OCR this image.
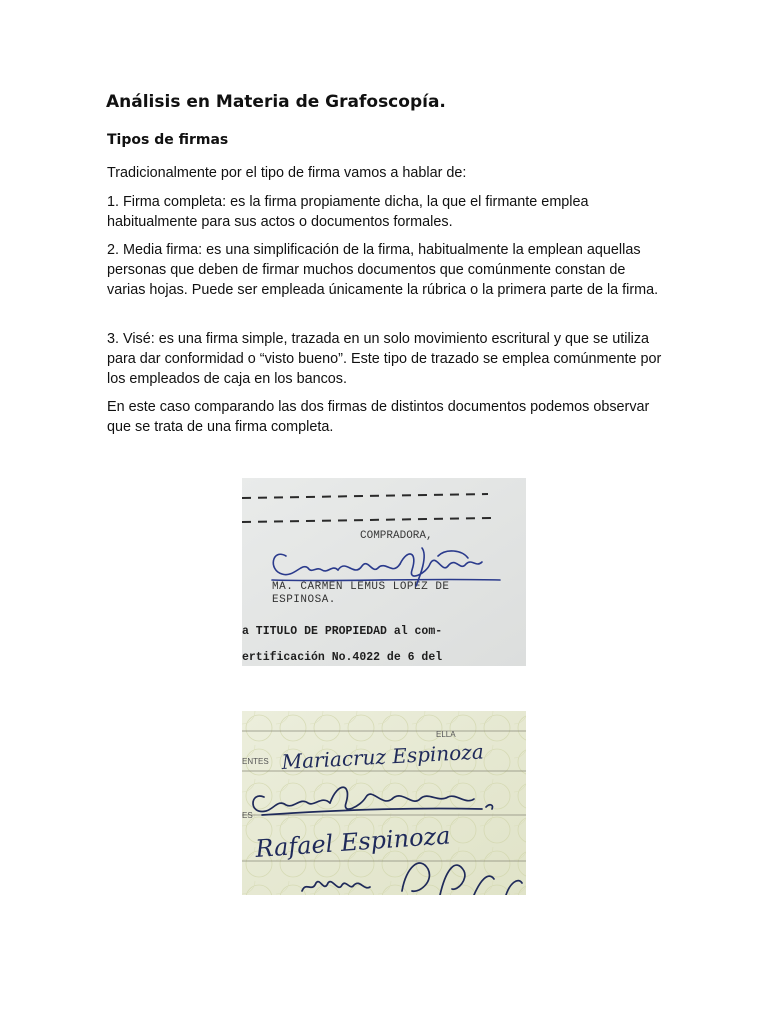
Análisis en Materia de Grafoscopía.
Tipos de firmas

Tradicionalmente por el tipo de firma vamos a hablar de:

1. Firma completa: es la firma propiamente dicha, la que el firmante emplea habitualmente para sus actos o documentos formales.

2. Media firma: es una simplificación de la firma, habitualmente la emplean aquellas personas que deben de firmar muchos documentos que comúnmente constan de varias hojas. Puede ser empleada únicamente la rúbrica o la primera parte de la firma.

3. Visé: es una firma simple, trazada en un solo movimiento escritural y que se utiliza para dar conformidad o “visto bueno”. Este tipo de trazado se emplea comúnmente por los empleados de caja en los bancos.

En este caso comparando las dos firmas de distintos documentos podemos observar que se trata de una firma completa.

COMPRADORA,
MA. CARMEN LEMUS LOPEZ DE
ESPINOSA.
a TITULO DE PROPIEDAD al com-
ertificación No.4022 de 6 del
ELLA
ENTES
ES
Mariacruz Espinoza
Rafael Espinoza
